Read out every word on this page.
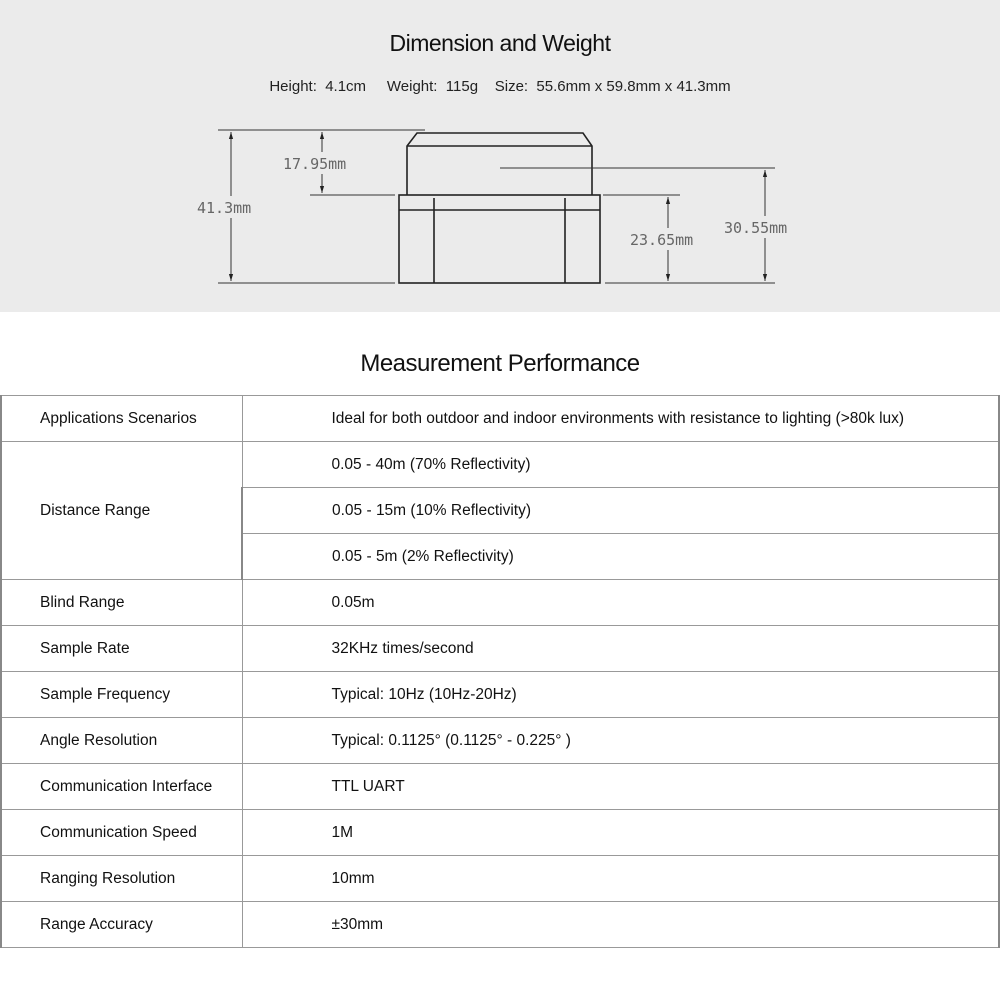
Dimension and Weight
Height:  4.1cm     Weight:  115g    Size:  55.6mm x 59.8mm x 41.3mm
41.3mm
17.95mm
23.65mm
30.55mm
Measurement Performance
Applications Scenarios	Ideal for both outdoor and indoor environments with resistance to lighting (>80k lux)
Distance Range	0.05 - 40m (70% Reflectivity)
	0.05 - 15m (10% Reflectivity)
	0.05 - 5m (2% Reflectivity)
Blind Range	0.05m
Sample Rate	32KHz times/second
Sample Frequency	Typical: 10Hz (10Hz-20Hz)
Angle Resolution	Typical: 0.1125° (0.1125° - 0.225° )
Communication Interface	TTL UART
Communication Speed	1M
Ranging Resolution	10mm
Range Accuracy	±30mm
